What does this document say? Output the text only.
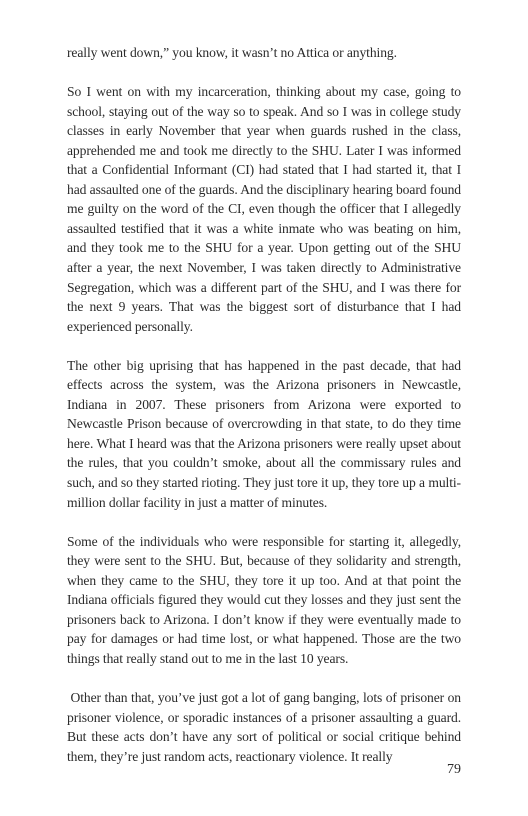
really went down,” you know, it wasn’t no Attica or anything.

So I went on with my incarceration, thinking about my case, going to school, staying out of the way so to speak. And so I was in college study classes in early November that year when guards rushed in the class, apprehended me and took me directly to the SHU. Later I was informed that a Confidential Informant (CI) had stated that I had started it, that I had assaulted one of the guards. And the disciplinary hearing board found me guilty on the word of the CI, even though the officer that I allegedly assaulted testified that it was a white inmate who was beating on him, and they took me to the SHU for a year. Upon getting out of the SHU after a year, the next November, I was taken directly to Administrative Segregation, which was a different part of the SHU, and I was there for the next 9 years. That was the biggest sort of disturbance that I had experienced personally.

The other big uprising that has happened in the past decade, that had effects across the system, was the Arizona prisoners in Newcastle, Indiana in 2007. These prisoners from Arizona were exported to Newcastle Prison because of overcrowding in that state, to do they time here. What I heard was that the Arizona prisoners were really upset about the rules, that you couldn’t smoke, about all the commissary rules and such, and so they started rioting. They just tore it up, they tore up a multi-million dollar facility in just a matter of minutes.

Some of the individuals who were responsible for starting it, allegedly, they were sent to the SHU. But, because of they solidarity and strength, when they came to the SHU, they tore it up too. And at that point the Indiana officials figured they would cut they losses and they just sent the prisoners back to Arizona. I don’t know if they were eventually made to pay for damages or had time lost, or what happened. Those are the two things that really stand out to me in the last 10 years.

Other than that, you’ve just got a lot of gang banging, lots of prisoner on prisoner violence, or sporadic instances of a prisoner assaulting a guard. But these acts don’t have any sort of political or social critique behind them, they’re just random acts, reactionary violence. It really

79
